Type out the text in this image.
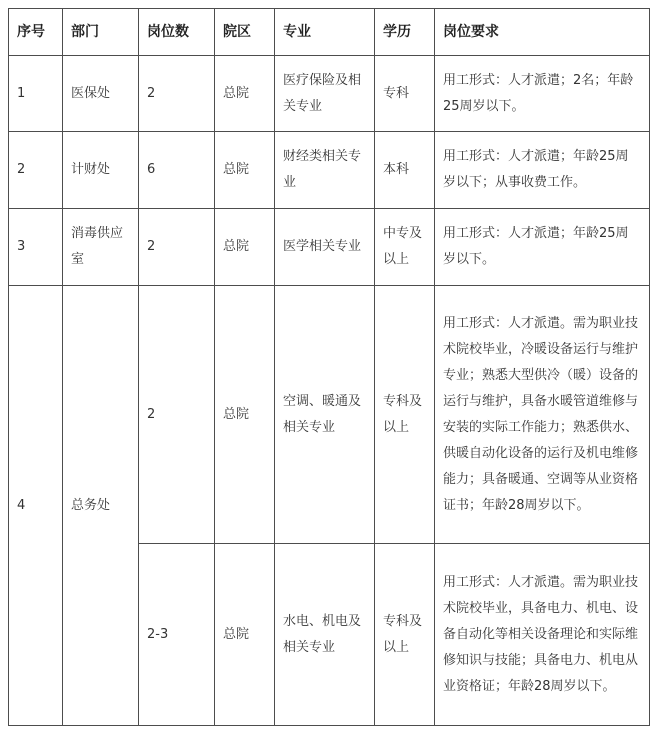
序号	部门	岗位数	院区	专业	学历	岗位要求
1	医保处	2	总院	医疗保险及相关专业	专科	用工形式：人才派遣；2名；年龄25周岁以下。
2	计财处	6	总院	财经类相关专业	本科	用工形式：人才派遣；年龄25周岁以下；从事收费工作。
3	消毒供应室	2	总院	医学相关专业	中专及以上	用工形式：人才派遣；年龄25周岁以下。
4	总务处	2	总院	空调、暖通及相关专业	专科及以上	用工形式：人才派遣。需为职业技术院校毕业，冷暖设备运行与维护专业；熟悉大型供冷（暖）设备的运行与维护，具备水暖管道维修与安装的实际工作能力；熟悉供水、供暖自动化设备的运行及机电维修能力；具备暖通、空调等从业资格证书；年龄28周岁以下。
		2-3	总院	水电、机电及相关专业	专科及以上	用工形式：人才派遣。需为职业技术院校毕业，具备电力、机电、设备自动化等相关设备理论和实际维修知识与技能；具备电力、机电从业资格证；年龄28周岁以下。
